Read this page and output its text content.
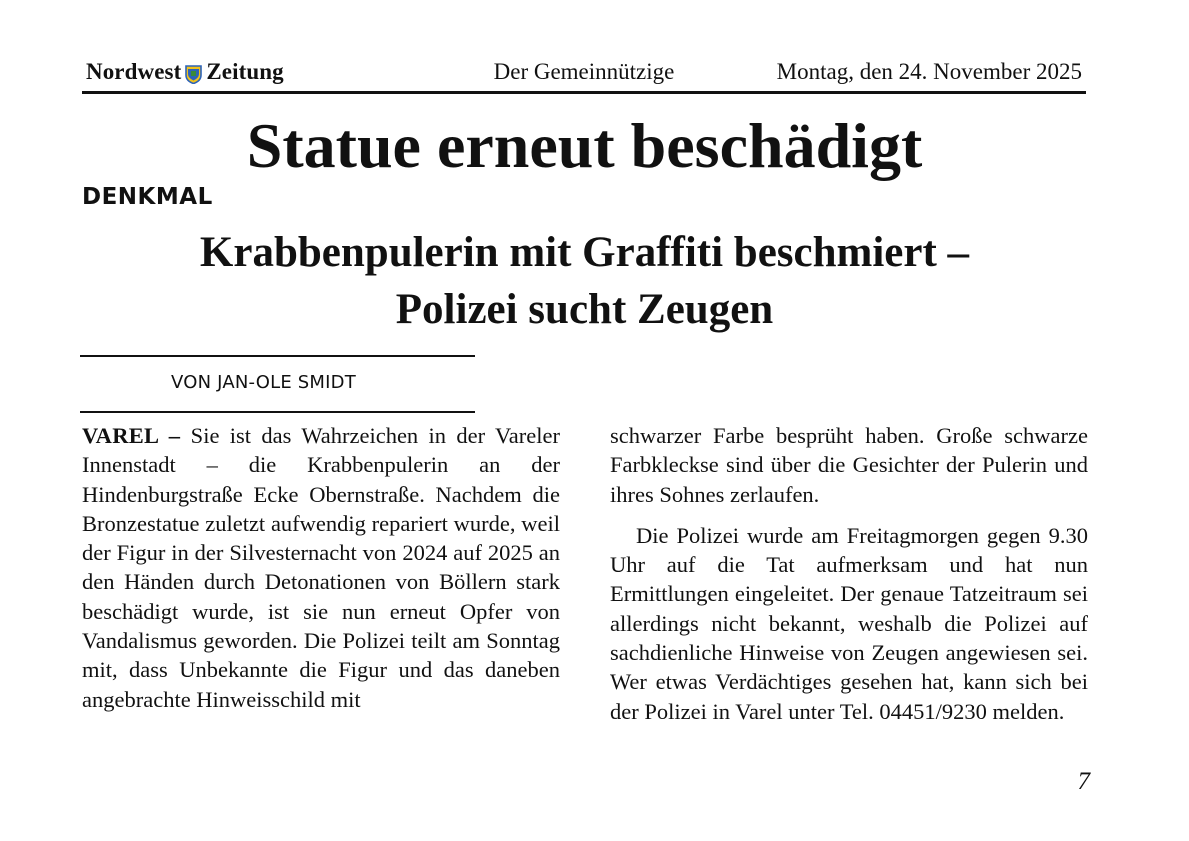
Nordwest Zeitung	Der Gemeinnützige	Montag, den 24. November 2025
Statue erneut beschädigt
DENKMAL
Krabbenpulerin mit Graffiti beschmiert –
Polizei sucht Zeugen
VON JAN-OLE SMIDT

VAREL – Sie ist das Wahrzeichen in der Vareler Innenstadt – die Krabbenpulerin an der Hindenburgstraße Ecke Obernstraße. Nachdem die Bronzestatue zuletzt aufwendig repariert wurde, weil der Figur in der Silvesternacht von 2024 auf 2025 an den Händen durch Detonationen von Böllern stark beschädigt wurde, ist sie nun erneut Opfer von Vandalismus geworden. Die Polizei teilt am Sonntag mit, dass Unbekannte die Figur und das daneben angebrachte Hinweisschild mit

schwarzer Farbe besprüht haben. Große schwarze Farbkleckse sind über die Gesichter der Pulerin und ihres Sohnes zerlaufen.

Die Polizei wurde am Freitagmorgen gegen 9.30 Uhr auf die Tat aufmerksam und hat nun Ermittlungen eingeleitet. Der genaue Tatzeitraum sei allerdings nicht bekannt, weshalb die Polizei auf sachdienliche Hinweise von Zeugen angewiesen sei. Wer etwas Verdächtiges gesehen hat, kann sich bei der Polizei in Varel unter Tel. 04451/9230 melden.

7
